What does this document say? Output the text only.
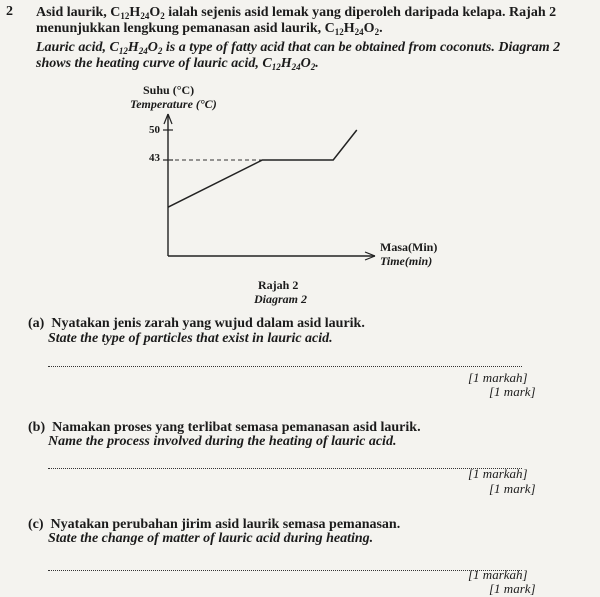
2 Asid laurik, $C_{12}H_{24}O_2$ ialah sejenis asid lemak yang diperoleh daripada kelapa. Rajah 2
menunjukkan lengkung pemanasan asid laurik, $C_{12}H_{24}O_2$.
Lauric acid, $C_{12}H_{24}O_2$ is a type of fatty acid that can be obtained from coconuts. Diagram 2
shows the heating curve of lauric acid, $C_{12}H_{24}O_2$.
Suhu (°C)
Temperature (°C)
50
43
Masa(Min)
Time(min)
Rajah 2
Diagram 2
(a) Nyatakan jenis zarah yang wujud dalam asid laurik.
State the type of particles that exist in lauric acid.
[1 markah]
[1 mark]
(b) Namakan proses yang terlibat semasa pemanasan asid laurik.
Name the process involved during the heating of lauric acid.
[1 markah]
[1 mark]
(c) Nyatakan perubahan jirim asid laurik semasa pemanasan.
State the change of matter of lauric acid during heating.
[1 markah]
[1 mark]
